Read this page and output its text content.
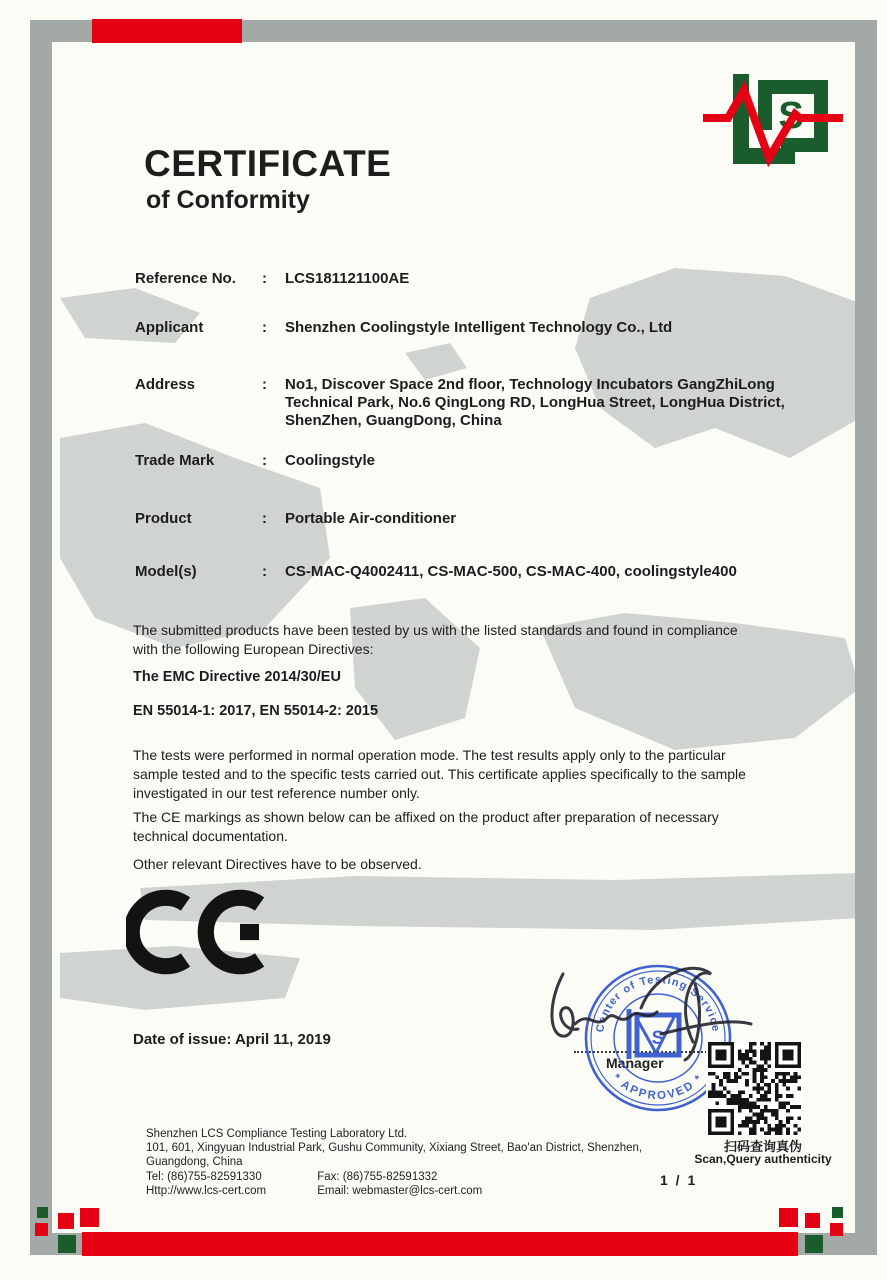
S
CERTIFICATE
of Conformity
Reference No.	:	LCS181121100AE
Applicant	:	Shenzhen Coolingstyle Intelligent Technology Co., Ltd
Address	:	No1, Discover Space 2nd floor, Technology Incubators GangZhiLong
Technical Park, No.6 QingLong RD, LongHua Street, LongHua District,
ShenZhen, GuangDong, China
Trade Mark	:	Coolingstyle
Product	:	Portable Air-conditioner
Model(s)	:	CS-MAC-Q4002411, CS-MAC-500, CS-MAC-400, coolingstyle400
The submitted products have been tested by us with the listed standards and found in compliance
with the following European Directives:
The EMC Directive 2014/30/EU
EN 55014-1: 2017, EN 55014-2: 2015
The tests were performed in normal operation mode. The test results apply only to the particular
sample tested and to the specific tests carried out. This certificate applies specifically to the sample
investigated in our test reference number only.
The CE markings as shown below can be affixed on the product after preparation of necessary
technical documentation.
Other relevant Directives have to be observed.
Date of issue: April 11, 2019
Manager
Center of Testing Service
* APPROVED *
S
扫码查询真伪
Scan,Query authenticity
Shenzhen LCS Compliance Testing Laboratory Ltd.
101, 601, Xingyuan Industrial Park, Gushu Community, Xixiang Street, Bao'an District, Shenzhen,
Guangdong, China
Tel: (86)755-82591330	Fax: (86)755-82591332
Http://www.lcs-cert.com	Email: webmaster@lcs-cert.com
1 / 1
